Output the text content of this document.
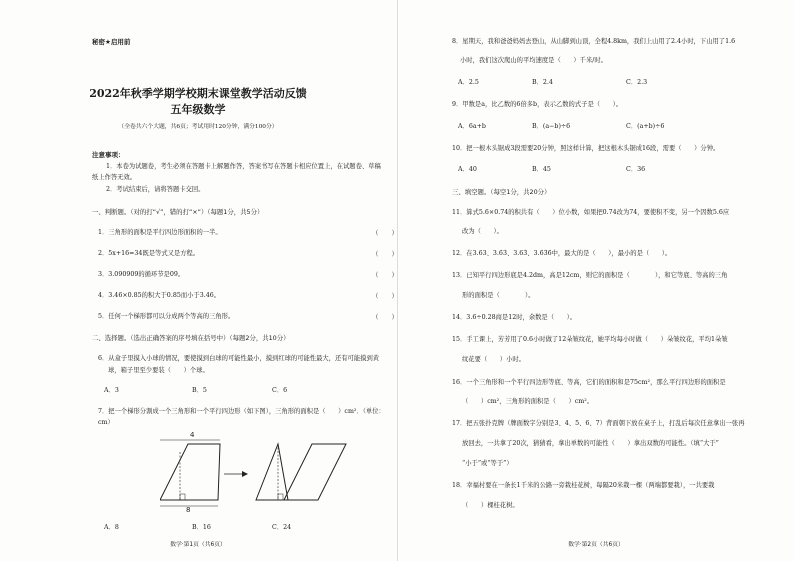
秘密★启用前
2022年秋季学期学校期末课堂教学活动反馈
五年级数学
（全卷共六个大题，共6页；考试用时120分钟，满分100分）
注意事项：
1．本卷为试题卷，考生必须在答题卡上解题作答，答案书写在答题卡相应位置上，在试题卷、草稿
纸上作答无效。
2．考试结束后，请将答题卡交回。
一、判断题。（对的打“√”，错的打“×”）（每题1分，共5分）
1．三角形的面积是平行四边形面积的一半。	（　　）
2．5x+16=34既是等式又是方程。	（　　）
3．3.090909的循环节是09。	（　　）
4．3.46×0.85的积大于0.85而小于3.46。	（　　）
5．任何一个梯形都可以分成两个等高的三角形。	（　　）
二、选择题。（选出正确答案的序号填在括号中）（每题2分，共10分）
6．从盒子里摸入小球的情况，要使摸到白球的可能性最小，摸到红球的可能性最大，还有可能摸到黄
球，箱子里至少要装（　　）个球。
A．3	B．5	C．6
7．把一个梯形分割成一个三角形和一个平行四边形（如下图），三角形的面积是（　　）cm²．（单位：
cm）
4
8
A．8	B．16	C．24
数学·第1页（共6页）
8．星期天，我和爸爸妈妈去登山，从山脚到山顶，全程4.8km，我们上山用了2.4小时，下山用了1.6
小时，我们这次爬山的平均速度是（　　）千米/时。
A．2.5	B．2.4	C．2.3
9．甲数是a，比乙数的6倍多b，表示乙数的式子是（　　）。
A．6a+b	B．(a−b)÷6	C．(a+b)÷6
10．把一根木头锯成3段需要20分钟，照这样计算，把这根木头锯成16段，需要（　　）分钟。
A．40	B．45	C．36
三、填空题。（每空1分，共20分）
11．算式5.6×0.74的积共有（　　）位小数，如果把0.74改为74，要使积不变，另一个因数5.6应
改为（　　）。
12．在3.63、3.6̇3̇、3.63̇、3.6̇3̇6̇中，最大的是（　　），最小的是（　　）。
13．已知平行四边形底是4.2dm，高是12cm，则它的面积是（　　　　），和它等底、等高的三角
形的面积是（　　　　）。
14．3.6÷0.28商是12时，余数是（　　）。
15．手工课上，芳芳用了0.6小时做了12朵皱纹花，她平均每小时做（　　）朵皱纹花，平均1朵皱
纹花要（　　）小时。
16．一个三角形和一个平行四边形等底、等高，它们的面积和是75cm²，那么平行四边形的面积是
（　　）cm²，三角形的面积是（　　）cm²。
17．把五张扑克牌（牌面数字分别是3、4、5、6、7）背面朝下放在桌子上，打乱后每次任意拿出一张再
放回去，一共拿了20次，猜猜看，拿出单数的可能性（　　）拿出双数的可能性。（填“大于”
“小于”或“等于”）
18．幸福村要在一条长1千米的公路一旁栽桂花树，每隔20米栽一棵（两端都要栽），一共要栽
（　　）棵桂花树。
数学·第2页（共6页）
